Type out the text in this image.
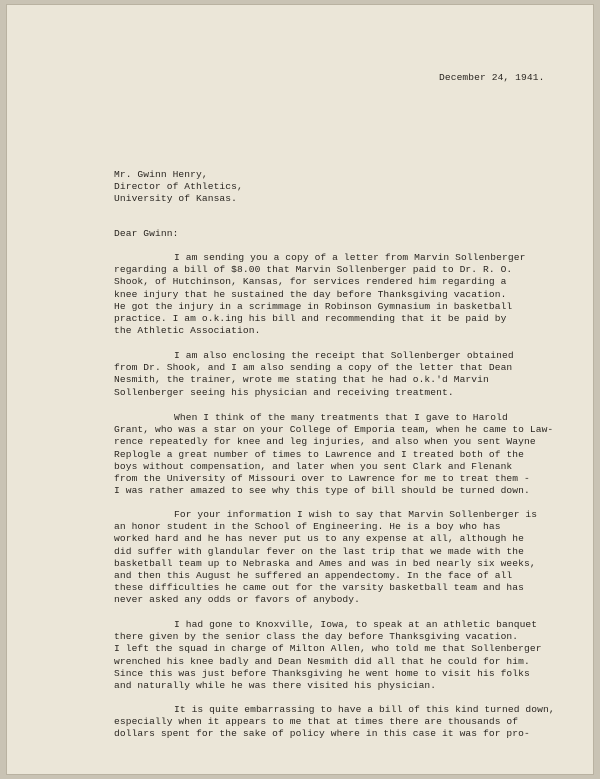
December 24, 1941.
Mr. Gwinn Henry,
Director of Athletics,
University of Kansas.
Dear Gwinn:
I am sending you a copy of a letter from Marvin Sollenberger
regarding a bill of $8.00 that Marvin Sollenberger paid to Dr. R. O.
Shook, of Hutchinson, Kansas, for services rendered him regarding a
knee injury that he sustained the day before Thanksgiving vacation.
He got the injury in a scrimmage in Robinson Gymnasium in basketball
practice. I am o.k.ing his bill and recommending that it be paid by
the Athletic Association.
I am also enclosing the receipt that Sollenberger obtained
from Dr. Shook, and I am also sending a copy of the letter that Dean
Nesmith, the trainer, wrote me stating that he had o.k.'d Marvin
Sollenberger seeing his physician and receiving treatment.
When I think of the many treatments that I gave to Harold
Grant, who was a star on your College of Emporia team, when he came to Law-
rence repeatedly for knee and leg injuries, and also when you sent Wayne
Replogle a great number of times to Lawrence and I treated both of the
boys without compensation, and later when you sent Clark and Flenank
from the University of Missouri over to Lawrence for me to treat them -
I was rather amazed to see why this type of bill should be turned down.
For your information I wish to say that Marvin Sollenberger is
an honor student in the School of Engineering. He is a boy who has
worked hard and he has never put us to any expense at all, although he
did suffer with glandular fever on the last trip that we made with the
basketball team up to Nebraska and Ames and was in bed nearly six weeks,
and then this August he suffered an appendectomy. In the face of all
these difficulties he came out for the varsity basketball team and has
never asked any odds or favors of anybody.
I had gone to Knoxville, Iowa, to speak at an athletic banquet
there given by the senior class the day before Thanksgiving vacation.
I left the squad in charge of Milton Allen, who told me that Sollenberger
wrenched his knee badly and Dean Nesmith did all that he could for him.
Since this was just before Thanksgiving he went home to visit his folks
and naturally while he was there visited his physician.
It is quite embarrassing to have a bill of this kind turned down,
especially when it appears to me that at times there are thousands of
dollars spent for the sake of policy where in this case it was for pro-
